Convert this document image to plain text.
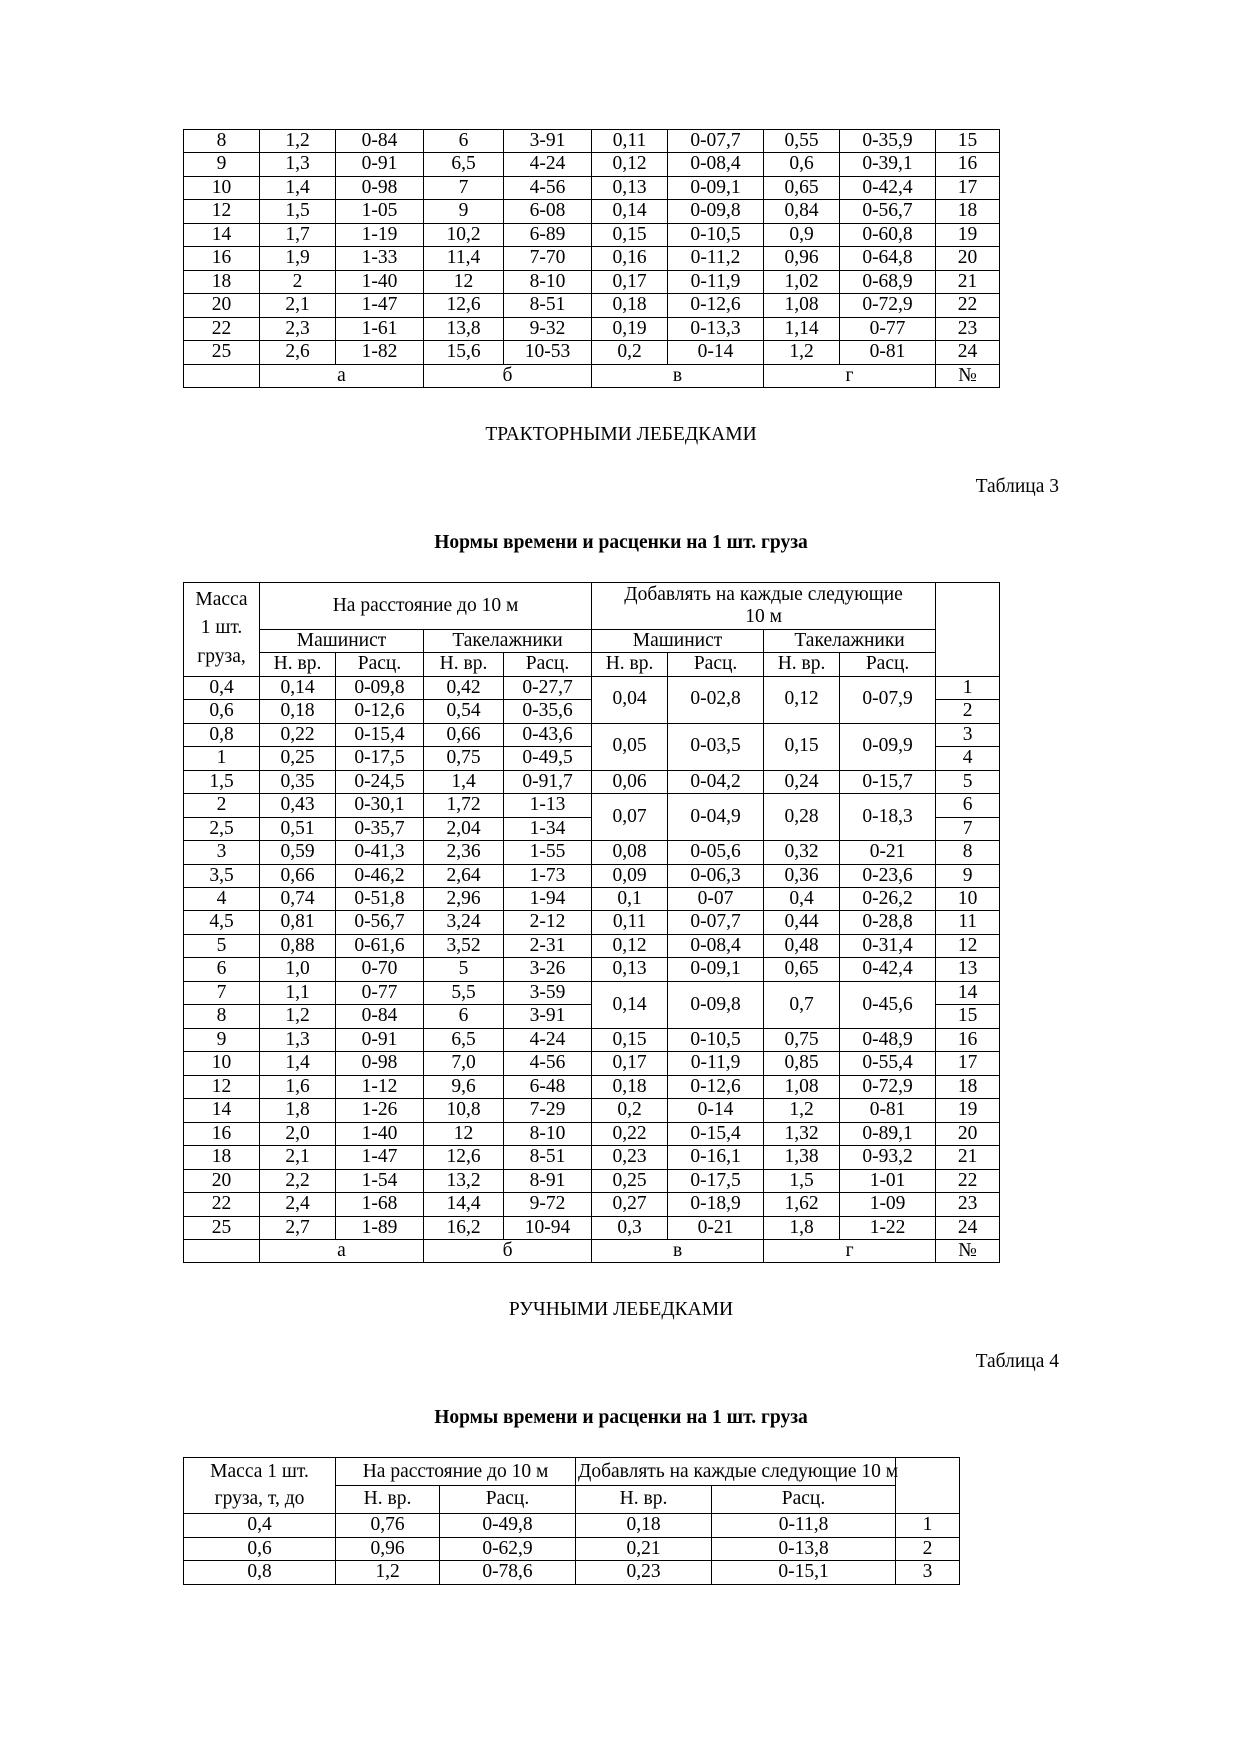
8	1,2	0-84	6	3-91	0,11	0-07,7	0,55	0-35,9	15
9	1,3	0-91	6,5	4-24	0,12	0-08,4	0,6	0-39,1	16
10	1,4	0-98	7	4-56	0,13	0-09,1	0,65	0-42,4	17
12	1,5	1-05	9	6-08	0,14	0-09,8	0,84	0-56,7	18
14	1,7	1-19	10,2	6-89	0,15	0-10,5	0,9	0-60,8	19
16	1,9	1-33	11,4	7-70	0,16	0-11,2	0,96	0-64,8	20
18	2	1-40	12	8-10	0,17	0-11,9	1,02	0-68,9	21
20	2,1	1-47	12,6	8-51	0,18	0-12,6	1,08	0-72,9	22
22	2,3	1-61	13,8	9-32	0,19	0-13,3	1,14	0-77	23
25	2,6	1-82	15,6	10-53	0,2	0-14	1,2	0-81	24
	а		б		в		г		№
ТРАКТОРНЫМИ ЛЕБЕДКАМИ
Таблица 3
Нормы времени и расценки на 1 шт. груза
Масса
1 шт.
груза,	На расстояние до 10 м				Добавлять на каждые следующие
10 м				
	Машинист		Такелажники		Машинист		Такелажники		
	Н. вр.	Расц.	Н. вр.	Расц.	Н. вр.	Расц.	Н. вр.	Расц.	
0,4	0,14	0-09,8	0,42	0-27,7	0,04	0-02,8	0,12	0-07,9	1
0,6	0,18	0-12,6	0,54	0-35,6					2
0,8	0,22	0-15,4	0,66	0-43,6	0,05	0-03,5	0,15	0-09,9	3
1	0,25	0-17,5	0,75	0-49,5					4
1,5	0,35	0-24,5	1,4	0-91,7	0,06	0-04,2	0,24	0-15,7	5
2	0,43	0-30,1	1,72	1-13	0,07	0-04,9	0,28	0-18,3	6
2,5	0,51	0-35,7	2,04	1-34					7
3	0,59	0-41,3	2,36	1-55	0,08	0-05,6	0,32	0-21	8
3,5	0,66	0-46,2	2,64	1-73	0,09	0-06,3	0,36	0-23,6	9
4	0,74	0-51,8	2,96	1-94	0,1	0-07	0,4	0-26,2	10
4,5	0,81	0-56,7	3,24	2-12	0,11	0-07,7	0,44	0-28,8	11
5	0,88	0-61,6	3,52	2-31	0,12	0-08,4	0,48	0-31,4	12
6	1,0	0-70	5	3-26	0,13	0-09,1	0,65	0-42,4	13
7	1,1	0-77	5,5	3-59	0,14	0-09,8	0,7	0-45,6	14
8	1,2	0-84	6	3-91					15
9	1,3	0-91	6,5	4-24	0,15	0-10,5	0,75	0-48,9	16
10	1,4	0-98	7,0	4-56	0,17	0-11,9	0,85	0-55,4	17
12	1,6	1-12	9,6	6-48	0,18	0-12,6	1,08	0-72,9	18
14	1,8	1-26	10,8	7-29	0,2	0-14	1,2	0-81	19
16	2,0	1-40	12	8-10	0,22	0-15,4	1,32	0-89,1	20
18	2,1	1-47	12,6	8-51	0,23	0-16,1	1,38	0-93,2	21
20	2,2	1-54	13,2	8-91	0,25	0-17,5	1,5	1-01	22
22	2,4	1-68	14,4	9-72	0,27	0-18,9	1,62	1-09	23
25	2,7	1-89	16,2	10-94	0,3	0-21	1,8	1-22	24
	а		б		в		г		№
РУЧНЫМИ ЛЕБЕДКАМИ
Таблица 4
Нормы времени и расценки на 1 шт. груза
Масса 1 шт.
груза, т, до	На расстояние до 10 м		Добавлять на каждые следующие 10 м		
	Н. вр.	Расц.	Н. вр.	Расц.	
0,4	0,76	0-49,8	0,18	0-11,8	1
0,6	0,96	0-62,9	0,21	0-13,8	2
0,8	1,2	0-78,6	0,23	0-15,1	3
